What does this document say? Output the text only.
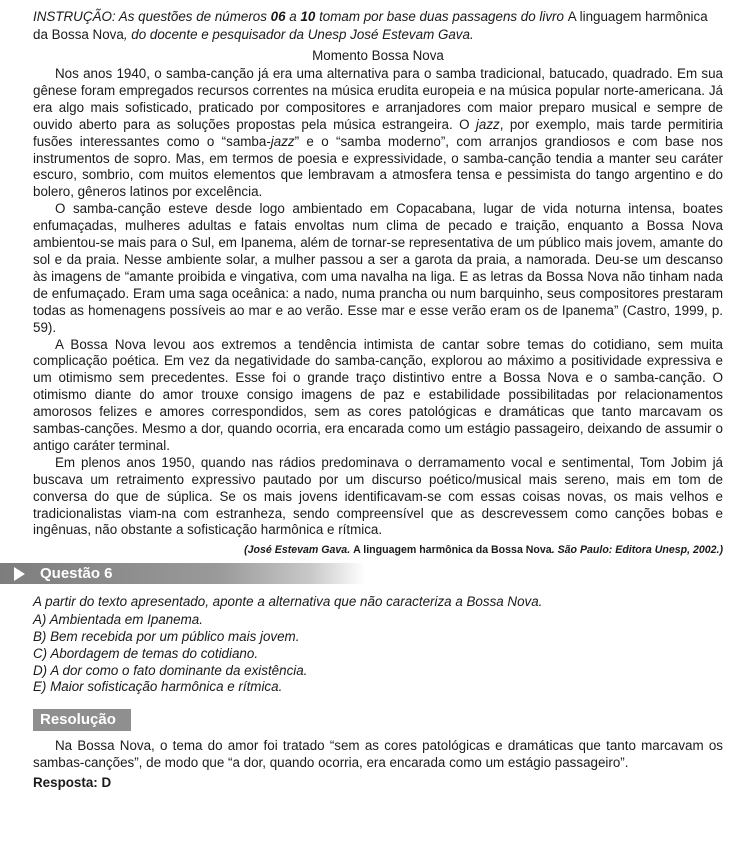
INSTRUÇÃO: As questões de números 06 a 10 tomam por base duas passagens do livro A linguagem harmônica da Bossa Nova, do docente e pesquisador da Unesp José Estevam Gava.

Momento Bossa Nova

Nos anos 1940, o samba-canção já era uma alternativa para o samba tradicional, batucado, quadrado. Em sua gênese foram empregados recursos correntes na música erudita europeia e na música popular norte-americana. Já era algo mais sofisticado, praticado por compositores e arranjadores com maior preparo musical e sempre de ouvido aberto para as soluções propostas pela música estrangeira. O jazz, por exemplo, mais tarde permitiria fusões interessantes como o “samba-jazz” e o “samba moderno”, com arranjos grandiosos e com base nos instrumentos de sopro. Mas, em termos de poesia e expressividade, o samba-canção tendia a manter seu caráter escuro, sombrio, com muitos elementos que lembravam a atmosfera tensa e pessimista do tango argentino e do bolero, gêneros latinos por excelência.

O samba-canção esteve desde logo ambientado em Copacabana, lugar de vida noturna intensa, boates enfumaçadas, mulheres adultas e fatais envoltas num clima de pecado e traição, enquanto a Bossa Nova ambientou-se mais para o Sul, em Ipanema, além de tornar-se representativa de um público mais jovem, amante do sol e da praia. Nesse ambiente solar, a mulher passou a ser a garota da praia, a namorada. Deu-se um descanso às imagens de “amante proibida e vingativa, com uma navalha na liga. E as letras da Bossa Nova não tinham nada de enfumaçado. Eram uma saga oceânica: a nado, numa prancha ou num barquinho, seus compositores prestaram todas as homenagens possíveis ao mar e ao verão. Esse mar e esse verão eram os de Ipanema” (Castro, 1999, p. 59).

A Bossa Nova levou aos extremos a tendência intimista de cantar sobre temas do cotidiano, sem muita complicação poética. Em vez da negatividade do samba-canção, explorou ao máximo a positividade expressiva e um otimismo sem precedentes. Esse foi o grande traço distintivo entre a Bossa Nova e o samba-canção. O otimismo diante do amor trouxe consigo imagens de paz e estabilidade possibilitadas por relacionamentos amorosos felizes e amores correspondidos, sem as cores patológicas e dramáticas que tanto marcavam os sambas-canções. Mesmo a dor, quando ocorria, era encarada como um estágio passageiro, deixando de assumir o antigo caráter terminal.

Em plenos anos 1950, quando nas rádios predominava o derramamento vocal e sentimental, Tom Jobim já buscava um retraimento expressivo pautado por um discurso poético/musical mais sereno, mais em tom de conversa do que de súplica. Se os mais jovens identificavam-se com essas coisas novas, os mais velhos e tradicionalistas viam-na com estranheza, sendo compreensível que as descrevessem como canções bobas e ingênuas, não obstante a sofisticação harmônica e rítmica.

(José Estevam Gava. A linguagem harmônica da Bossa Nova. São Paulo: Editora Unesp, 2002.)

Questão 6

A partir do texto apresentado, aponte a alternativa que não caracteriza a Bossa Nova.

A) Ambientada em Ipanema.
B) Bem recebida por um público mais jovem.
C) Abordagem de temas do cotidiano.
D) A dor como o fato dominante da existência.
E) Maior sofisticação harmônica e rítmica.
Resolução

Na Bossa Nova, o tema do amor foi tratado “sem as cores patológicas e dramáticas que tanto marcavam os sambas-canções”, de modo que “a dor, quando ocorria, era encarada como um estágio passageiro”.

Resposta: D
